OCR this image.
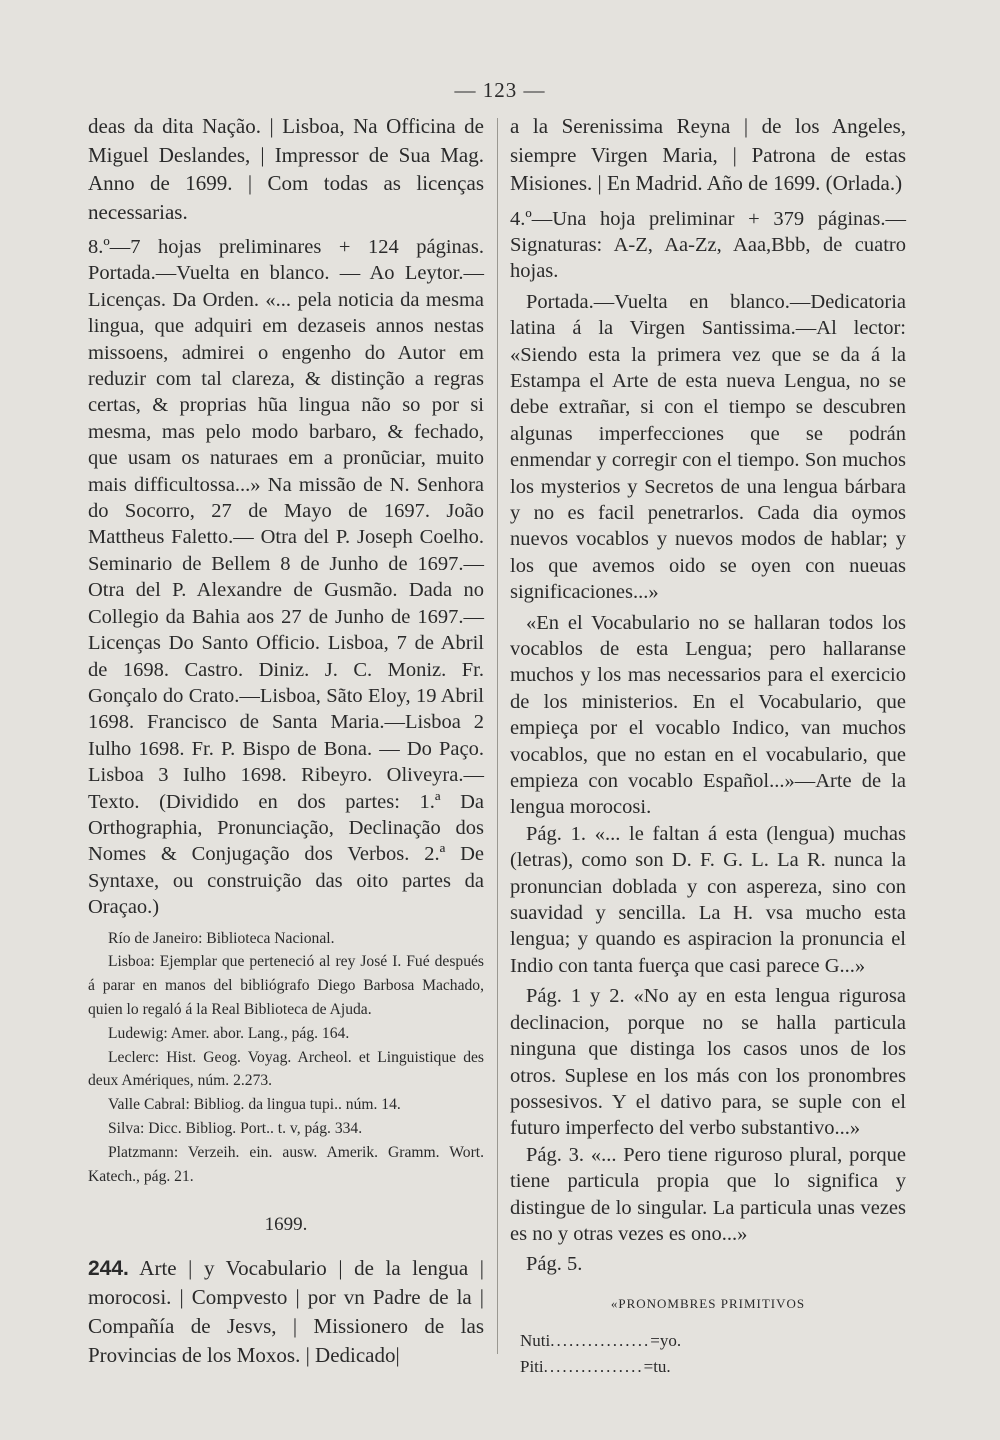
— 123 —

deas da dita Nação. | Lisboa, Na Officina de Miguel Deslandes, | Impressor de Sua Mag. Anno de 1699. | Com todas as licenças necessarias.

8.º—7 hojas preliminares + 124 páginas. Portada.—Vuelta en blanco. — Ao Leytor.— Licenças. Da Orden. «... pela noticia da mesma lingua, que adquiri em dezaseis annos nestas missoens, admirei o engenho do Autor em reduzir com tal clareza, & distinção a regras certas, & proprias hũa lingua não so por si mesma, mas pelo modo barbaro, & fechado, que usam os naturaes em a pronũciar, muito mais difficultossa...» Na missão de N. Senhora do Socorro, 27 de Mayo de 1697. João Mattheus Faletto.— Otra del P. Joseph Coelho. Seminario de Bellem 8 de Junho de 1697.—Otra del P. Alexandre de Gusmão. Dada no Collegio da Bahia aos 27 de Junho de 1697.—Licenças Do Santo Officio. Lisboa, 7 de Abril de 1698. Castro. Diniz. J. C. Moniz. Fr. Gonçalo do Crato.—Lisboa, Sãto Eloy, 19 Abril 1698. Francisco de Santa Maria.—Lisboa 2 Iulho 1698. Fr. P. Bispo de Bona. — Do Paço. Lisboa 3 Iulho 1698. Ribeyro. Oliveyra.—Texto. (Dividido en dos partes: 1.ª Da Orthographia, Pronunciação, Declinação dos Nomes & Conjugação dos Verbos. 2.ª De Syntaxe, ou construição das oito partes da Oraçao.)

Río de Janeiro: Biblioteca Nacional.

Lisboa: Ejemplar que perteneció al rey José I. Fué después á parar en manos del bibliógrafo Diego Barbosa Machado, quien lo regaló á la Real Biblioteca de Ajuda.

Ludewig: Amer. abor. Lang., pág. 164.

Leclerc: Hist. Geog. Voyag. Archeol. et Linguistique des deux Amériques, núm. 2.273.

Valle Cabral: Bibliog. da lingua tupi.. núm. 14.

Silva: Dicc. Bibliog. Port.. t. v, pág. 334.

Platzmann: Verzeih. ein. ausw. Amerik. Gramm. Wort. Katech., pág. 21.

1699.

244. Arte | y Vocabulario | de la lengua | morocosi. | Compvesto | por vn Padre de la | Compañía de Jesvs, | Missionero de las Provincias de los Moxos. | Dedicado|

a la Serenissima Reyna | de los Angeles, siempre Virgen Maria, | Patrona de estas Misiones. | En Madrid. Año de 1699. (Orlada.)

4.º—Una hoja preliminar + 379 páginas.— Signaturas: A-Z, Aa-Zz, Aaa,Bbb, de cuatro hojas.

Portada.—Vuelta en blanco.—Dedicatoria latina á la Virgen Santissima.—Al lector: «Siendo esta la primera vez que se da á la Estampa el Arte de esta nueva Lengua, no se debe extrañar, si con el tiempo se descubren algunas imperfecciones que se podrán enmendar y corregir con el tiempo. Son muchos los mysterios y Secretos de una lengua bárbara y no es facil penetrarlos. Cada dia oymos nuevos vocablos y nuevos modos de hablar; y los que avemos oido se oyen con nueuas significaciones...»

«En el Vocabulario no se hallaran todos los vocablos de esta Lengua; pero hallaranse muchos y los mas necessarios para el exercicio de los ministerios. En el Vocabulario, que empieça por el vocablo Indico, van muchos vocablos, que no estan en el vocabulario, que empieza con vocablo Español...»—Arte de la lengua morocosi.

Pág. 1. «... le faltan á esta (lengua) muchas (letras), como son D. F. G. L. La R. nunca la pronuncian doblada y con aspereza, sino con suavidad y sencilla. La H. vsa mucho esta lengua; y quando es aspiracion la pronuncia el Indio con tanta fuerça que casi parece G...»

Pág. 1 y 2. «No ay en esta lengua rigurosa declinacion, porque no se halla particula ninguna que distinga los casos unos de los otros. Suplese en los más con los pronombres possesivos. Y el dativo para, se suple con el futuro imperfecto del verbo substantivo...»

Pág. 3. «... Pero tiene riguroso plural, porque tiene particula propia que lo significa y distingue de lo singular. La particula unas vezes es no y otras vezes es ono...»

Pág. 5.

«PRONOMBRES PRIMITIVOS
Nuti................=yo.
Piti................=tu.
